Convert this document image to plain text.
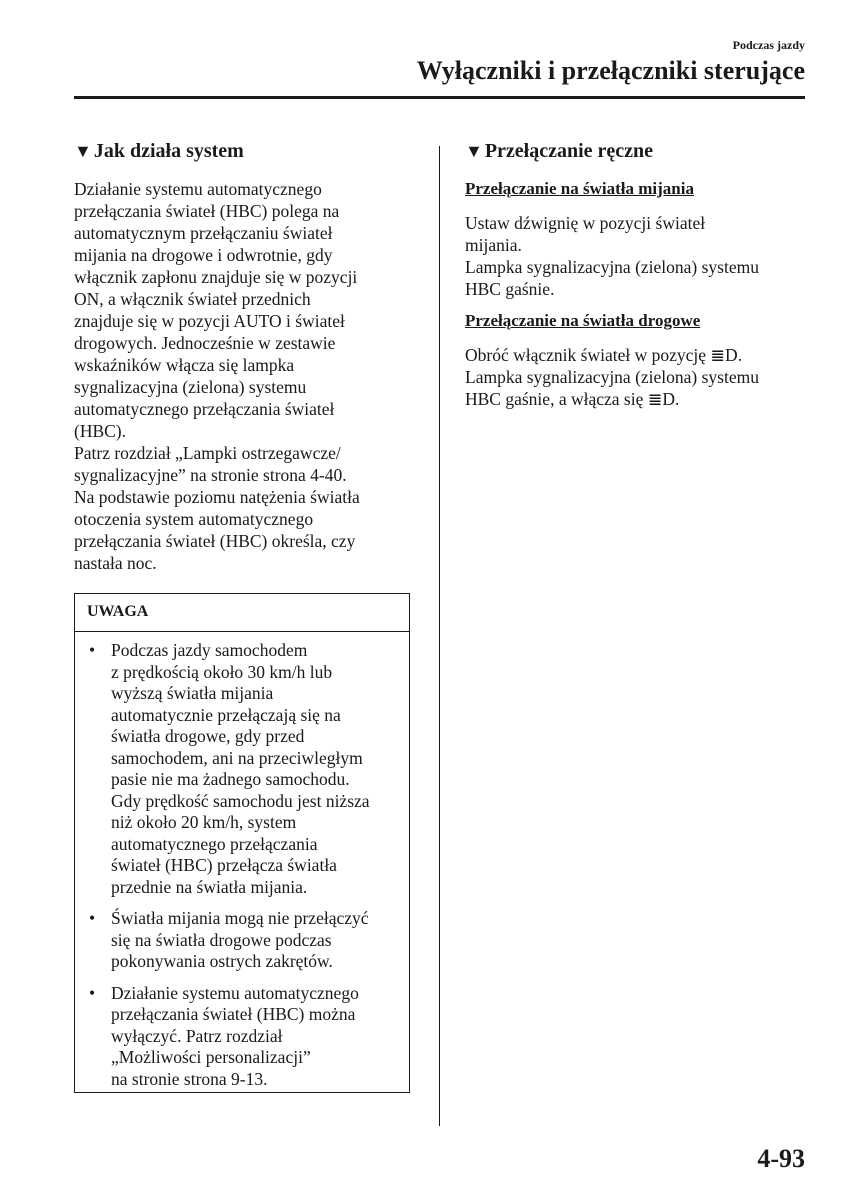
Podczas jazdy
Wyłączniki i przełączniki sterujące
▼ Jak działa system

Działanie systemu automatycznego
przełączania świateł (HBC) polega na
automatycznym przełączaniu świateł
mijania na drogowe i odwrotnie, gdy
włącznik zapłonu znajduje się w pozycji
ON, a włącznik świateł przednich
znajduje się w pozycji AUTO i świateł
drogowych. Jednocześnie w zestawie
wskaźników włącza się lampka
sygnalizacyjna (zielona) systemu
automatycznego przełączania świateł
(HBC).
Patrz rozdział „Lampki ostrzegawcze/
sygnalizacyjne” na stronie strona 4-40.
Na podstawie poziomu natężenia światła
otoczenia system automatycznego
przełączania świateł (HBC) określa, czy
nastała noc.

UWAGA
• Podczas jazdy samochodem
z prędkością około 30 km/h lub
wyższą światła mijania
automatycznie przełączają się na
światła drogowe, gdy przed
samochodem, ani na przeciwległym
pasie nie ma żadnego samochodu.
Gdy prędkość samochodu jest niższa
niż około 20 km/h, system
automatycznego przełączania
świateł (HBC) przełącza światła
przednie na światła mijania.
• Światła mijania mogą nie przełączyć
się na światła drogowe podczas
pokonywania ostrych zakrętów.
• Działanie systemu automatycznego
przełączania świateł (HBC) można
wyłączyć. Patrz rozdział
„Możliwości personalizacji”
na stronie strona 9-13.
▼ Przełączanie ręczne
Przełączanie na światła mijania

Ustaw dźwignię w pozycji świateł
mijania.
Lampka sygnalizacyjna (zielona) systemu
HBC gaśnie.

Przełączanie na światła drogowe

Obróć włącznik świateł w pozycję ≣D.
Lampka sygnalizacyjna (zielona) systemu
HBC gaśnie, a włącza się ≣D.

4-93
